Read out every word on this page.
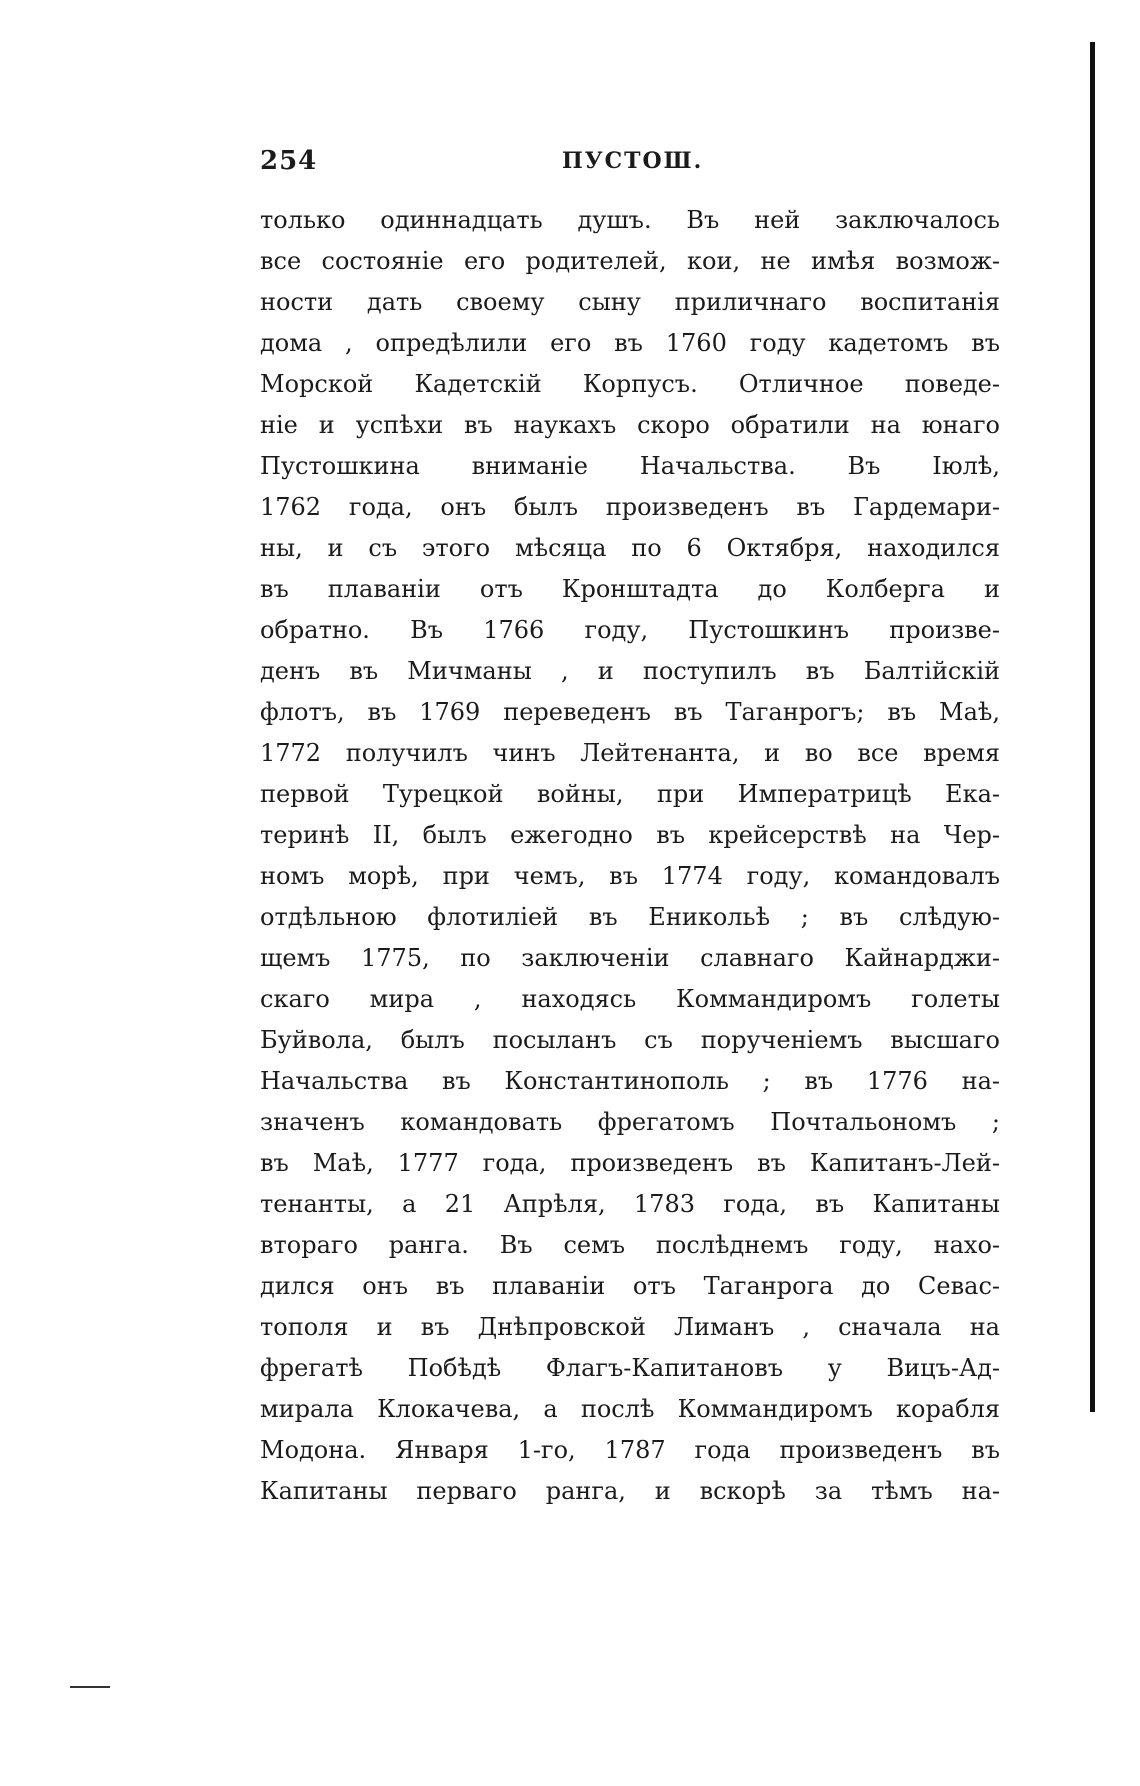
254	ПУСТОШ.
только одиннадцать душъ. Въ ней заключалось
все состояніе его родителей, кои, не имѣя возмож-
ности дать своему сыну приличнаго воспитанія
дома , опредѣлили его въ 1760 году кадетомъ въ
Морской Кадетскій Корпусъ. Отличное поведе-
ніе и успѣхи въ наукахъ скоро обратили на юнаго
Пустошкина вниманіе Начальства. Въ Іюлѣ,
1762 года, онъ былъ произведенъ въ Гардемари-
ны, и съ этого мѣсяца по 6 Октября, находился
въ плаваніи отъ Кронштадта до Колберга и
обратно. Въ 1766 году, Пустошкинъ произве-
денъ въ Мичманы , и поступилъ въ Балтійскій
флотъ, въ 1769 переведенъ въ Таганрогъ; въ Маѣ,
1772 получилъ чинъ Лейтенанта, и во все время
первой Турецкой войны, при Императрицѣ Ека-
теринѣ II, былъ ежегодно въ крейсерствѣ на Чер-
номъ морѣ, при чемъ, въ 1774 году, командовалъ
отдѣльною флотиліей въ Еникольѣ ; въ слѣдую-
щемъ 1775, по заключеніи славнаго Кайнарджи-
скаго мира , находясь Коммандиромъ голеты
Буйвола, былъ посыланъ съ порученіемъ высшаго
Начальства въ Константинополь ; въ 1776 на-
значенъ командовать фрегатомъ Почтальономъ ;
въ Маѣ, 1777 года, произведенъ въ Капитанъ-Лей-
тенанты, а 21 Апрѣля, 1783 года, въ Капитаны
втораго ранга. Въ семъ послѣднемъ году, нахо-
дился онъ въ плаваніи отъ Таганрога до Севас-
тополя и въ Днѣпровской Лиманъ , сначала на
фрегатѣ Побѣдѣ Флагъ-Капитановъ у Вицъ-Ад-
мирала Клокачева, а послѣ Коммандиромъ корабля
Модона. Января 1-го, 1787 года произведенъ въ
Капитаны перваго ранга, и вскорѣ за тѣмъ на-
